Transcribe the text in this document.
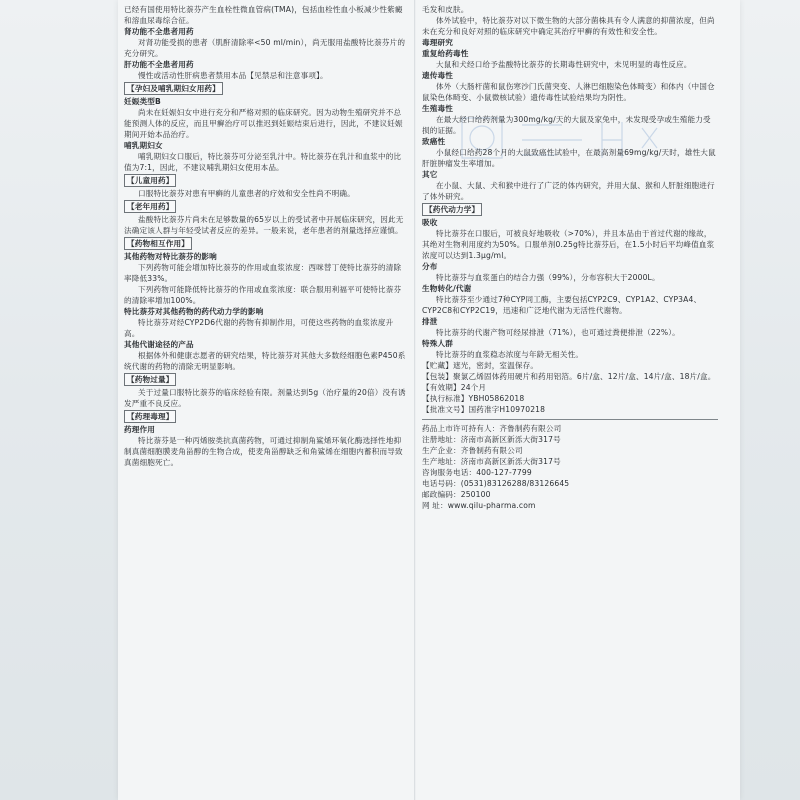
已经有国使用特比萘芬产生血栓性微血管病(TMA)，包括血栓性血小板减少性紫癜和溶血尿毒综合征。

肾功能不全患者用药

对肾功能受损的患者（肌酐清除率<50 ml/min），尚无服用盐酸特比萘芬片的充分研究。

肝功能不全患者用药

慢性或活动性肝病患者禁用本品【见禁忌和注意事项】。

【孕妇及哺乳期妇女用药】

妊娠类型B

尚未在妊娠妇女中进行充分和严格对照的临床研究。因为动物生殖研究并不总能预测人体的反应，而且甲癣治疗可以推迟到妊娠结束后进行，因此，不建议妊娠期间开始本品治疗。

哺乳期妇女

哺乳期妇女口服后，特比萘芬可分泌至乳汁中。特比萘芬在乳汁和血浆中的比值为7:1，因此，不建议哺乳期妇女使用本品。

【儿童用药】

口服特比萘芬对患有甲癣的儿童患者的疗效和安全性尚不明确。

【老年用药】

盐酸特比萘芬片尚未在足够数量的65岁以上的受试者中开展临床研究，因此无法确定该人群与年轻受试者反应的差异。一般来说，老年患者的剂量选择应谨慎。

【药物相互作用】

其他药物对特比萘芬的影响

下列药物可能会增加特比萘芬的作用或血浆浓度：西咪替丁使特比萘芬的清除率降低33%。

下列药物可能降低特比萘芬的作用或血浆浓度：联合服用利福平可使特比萘芬的清除率增加100%。

特比萘芬对其他药物的药代动力学的影响

特比萘芬对经CYP2D6代谢的药物有抑制作用，可使这些药物的血浆浓度升高。

其他代谢途径的产品

根据体外和健康志愿者的研究结果，特比萘芬对其他大多数经细胞色素P450系统代谢的药物的清除无明显影响。

【药物过量】

关于过量口服特比萘芬的临床经验有限。剂量达到5g（治疗量的20倍）没有诱发严重不良反应。

【药理毒理】

药理作用

特比萘芬是一种丙烯胺类抗真菌药物，可通过抑制角鲨烯环氧化酶选择性地抑制真菌细胞膜麦角甾醇的生物合成，使麦角甾醇缺乏和角鲨烯在细胞内蓄积而导致真菌细胞死亡。

毛发和皮肤。

体外试验中，特比萘芬对以下微生物的大部分菌株具有令人满意的抑菌浓度，但尚未在充分和良好对照的临床研究中确定其治疗甲癣的有效性和安全性。

毒理研究

重复给药毒性

大鼠和犬经口给予盐酸特比萘芬的长期毒性研究中，未见明显的毒性反应。

遗传毒性

体外（大肠杆菌和鼠伤寒沙门氏菌突变、人淋巴细胞染色体畸变）和体内（中国仓鼠染色体畸变、小鼠微核试验）遗传毒性试验结果均为阴性。

生殖毒性

在最大经口给药剂量为300mg/kg/天的大鼠及家兔中，未发现受孕或生殖能力受损的证据。

致癌性

小鼠经口给药28个月的大鼠致癌性试验中，在最高剂量69mg/kg/天时，雄性大鼠肝脏肿瘤发生率增加。

其它

在小鼠、大鼠、犬和猴中进行了广泛的体内研究，并用大鼠、猴和人肝脏细胞进行了体外研究。

【药代动力学】

吸收

特比萘芬在口服后，可被良好地吸收（>70%），并且本品由于首过代谢的缘故，其绝对生物利用度约为50%。口服单剂0.25g特比萘芬后，在1.5小时后平均峰值血浆浓度可以达到1.3μg/ml。

分布

特比萘芬与血浆蛋白的结合力强（99%），分布容积大于2000L。

生物转化/代谢

特比萘芬至少通过7种CYP同工酶，主要包括CYP2C9、CYP1A2、CYP3A4、CYP2C8和CYP2C19，迅速和广泛地代谢为无活性代谢物。

排泄

特比萘芬的代谢产物可经尿排泄（71%），也可通过粪便排泄（22%）。

特殊人群

特比萘芬的血浆稳态浓度与年龄无相关性。

【贮藏】遮光，密封，室温保存。

【包装】聚氯乙烯固体药用硬片和药用铝箔。6片/盒、12片/盒、14片/盒、18片/盒。

【有效期】24个月

【执行标准】YBH05862018

【批准文号】国药准字H10970218

药品上市许可持有人：齐鲁制药有限公司

注册地址：济南市高新区新泺大街317号

生产企业：齐鲁制药有限公司

生产地址：济南市高新区新泺大街317号

咨询服务电话：400-127-7799

电话号码：(0531)83126288/83126645

邮政编码：250100

网 址：www.qilu-pharma.com
